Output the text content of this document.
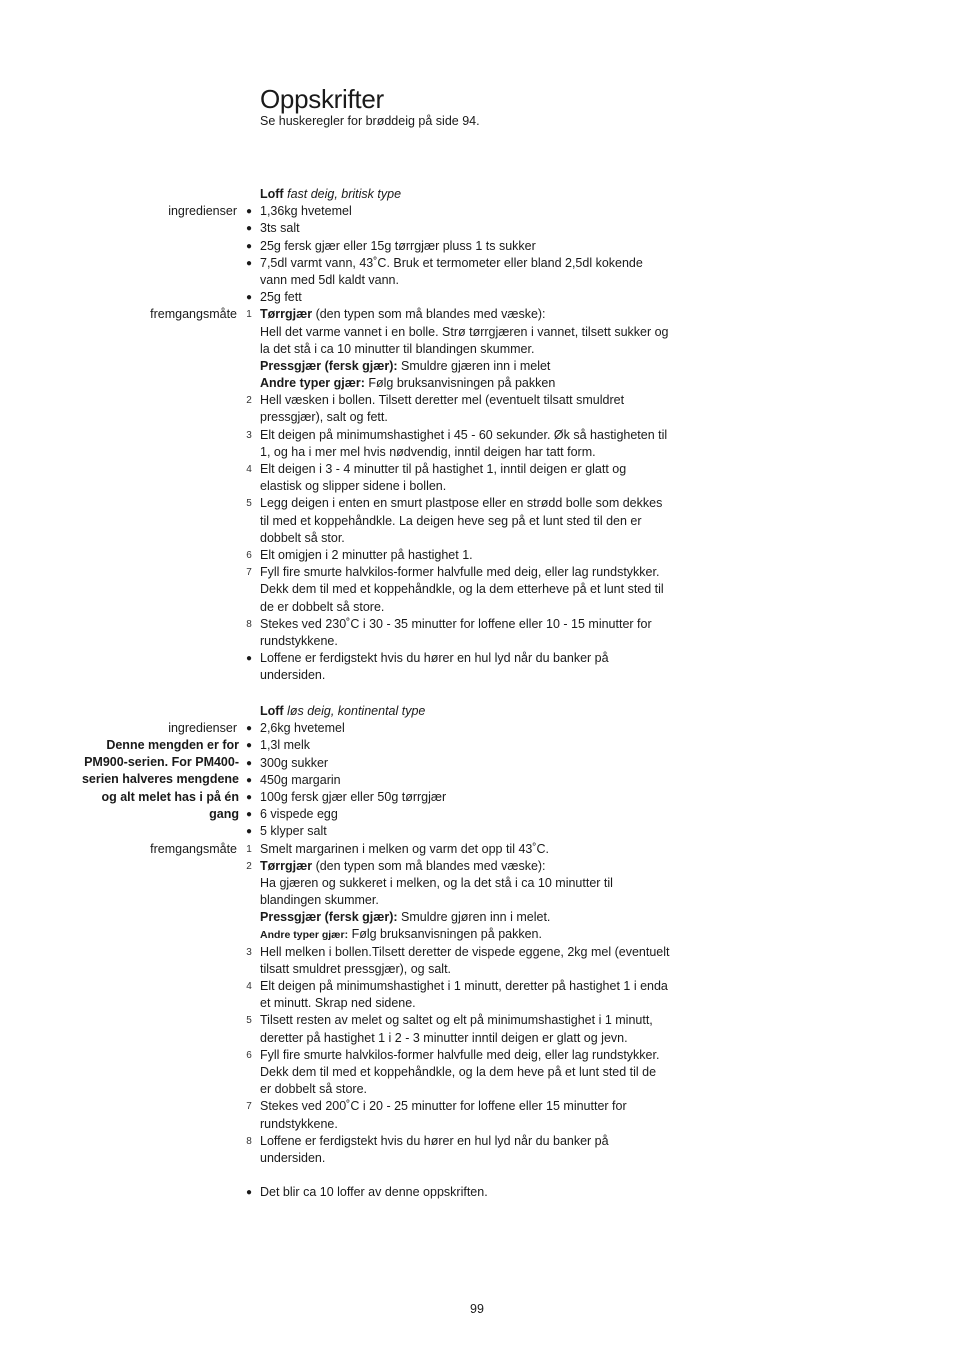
Oppskrifter

Se huskeregler for brøddeig på side 94.

Loff fast deig, britisk type
ingredienser ● 1,36kg hvetemel
● 3ts salt
● 25g fersk gjær eller 15g tørrgjær pluss 1 ts sukker
● 7,5dl varmt vann, 43˚C. Bruk et termometer eller bland 2,5dl kokende
vann med 5dl kaldt vann.
● 25g fett
fremgangsmåte 1 Tørrgjær (den typen som må blandes med væske):
Hell det varme vannet i en bolle. Strø tørrgjæren i vannet, tilsett sukker og
la det stå i ca 10 minutter til blandingen skummer.
Pressgjær (fersk gjær): Smuldre gjæren inn i melet
Andre typer gjær: Følg bruksanvisningen på pakken
2 Hell væsken i bollen. Tilsett deretter mel (eventuelt tilsatt smuldret
pressgjær), salt og fett.
3 Elt deigen på minimumshastighet i 45 - 60 sekunder. Øk så hastigheten til
1, og ha i mer mel hvis nødvendig, inntil deigen har tatt form.
4 Elt deigen i 3 - 4 minutter til på hastighet 1, inntil deigen er glatt og
elastisk og slipper sidene i bollen.
5 Legg deigen i enten en smurt plastpose eller en strødd bolle som dekkes
til med et koppehåndkle. La deigen heve seg på et lunt sted til den er
dobbelt så stor.
6 Elt omigjen i 2 minutter på hastighet 1.
7 Fyll fire smurte halvkilos-former halvfulle med deig, eller lag rundstykker.
Dekk dem til med et koppehåndkle, og la dem etterheve på et lunt sted til
de er dobbelt så store.
8 Stekes ved 230˚C i 30 - 35 minutter for loffene eller 10 - 15 minutter for
rundstykkene.
● Loffene er ferdigstekt hvis du hører en hul lyd når du banker på
undersiden.
Loff løs deig, kontinental type
Denne mengden er for
PM900-serien. For PM400-
serien halveres mengdene
og alt melet has i på én
gang
ingredienser ● 2,6kg hvetemel
● 1,3l melk
● 300g sukker
● 450g margarin
● 100g fersk gjær eller 50g tørrgjær
● 6 vispede egg
● 5 klyper salt
fremgangsmåte 1 Smelt margarinen i melken og varm det opp til 43˚C.
2 Tørrgjær (den typen som må blandes med væske):
Ha gjæren og sukkeret i melken, og la det stå i ca 10 minutter til
blandingen skummer.
Pressgjær (fersk gjær): Smuldre gjøren inn i melet.
Andre typer gjær: Følg bruksanvisningen på pakken.
3 Hell melken i bollen.Tilsett deretter de vispede eggene, 2kg mel (eventuelt
tilsatt smuldret pressgjær), og salt.
4 Elt deigen på minimumshastighet i 1 minutt, deretter på hastighet 1 i enda
et minutt. Skrap ned sidene.
5 Tilsett resten av melet og saltet og elt på minimumshastighet i 1 minutt,
deretter på hastighet 1 i 2 - 3 minutter inntil deigen er glatt og jevn.
6 Fyll fire smurte halvkilos-former halvfulle med deig, eller lag rundstykker.
Dekk dem til med et koppehåndkle, og la dem heve på et lunt sted til de
er dobbelt så store.
7 Stekes ved 200˚C i 20 - 25 minutter for loffene eller 15 minutter for
rundstykkene.
8 Loffene er ferdigstekt hvis du hører en hul lyd når du banker på
undersiden.
● Det blir ca 10 loffer av denne oppskriften.
99
